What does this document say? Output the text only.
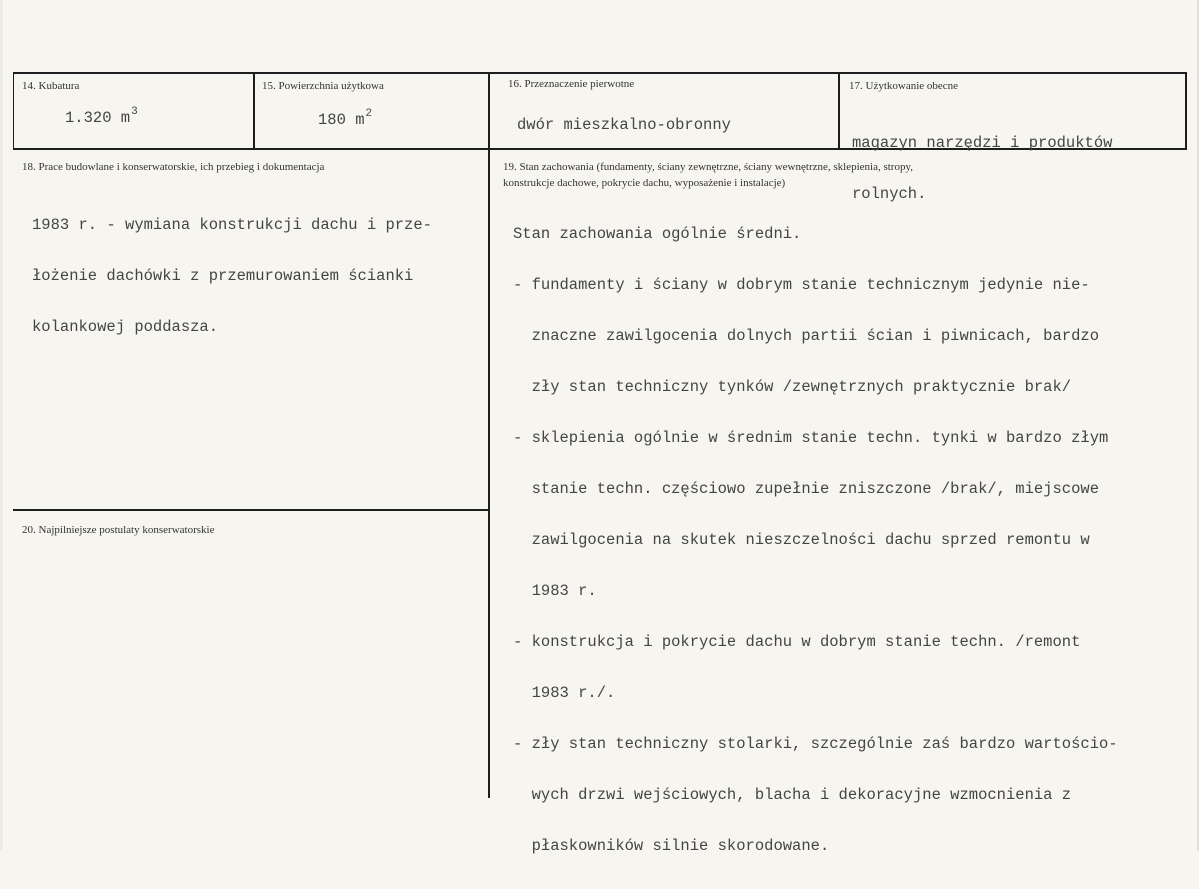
14. Kubatura
1.320 $m^3$
15. Powierzchnia użytkowa
180 $m^2$
16. Przeznaczenie pierwotne
dwór mieszkalno-obronny
17. Użytkowanie obecne

magazyn narzędzi i produktów

rolnych.

18. Prace budowlane i konserwatorskie, ich przebieg i dokumentacja

1983 r. - wymiana konstrukcji dachu i prze-

łożenie dachówki z przemurowaniem ścianki

kolankowej poddasza.

19. Stan zachowania (fundamenty, ściany zewnętrzne, ściany wewnętrzne, sklepienia, stropy,
konstrukcje dachowe, pokrycie dachu, wyposażenie i instalacje)

Stan zachowania ogólnie średni.

- fundamenty i ściany w dobrym stanie technicznym jedynie nie-

znaczne zawilgocenia dolnych partii ścian i piwnicach, bardzo

zły stan techniczny tynków /zewnętrznych praktycznie brak/

- sklepienia ogólnie w średnim stanie techn. tynki w bardzo złym

stanie techn. częściowo zupełnie zniszczone /brak/, miejscowe

zawilgocenia na skutek nieszczelności dachu sprzed remontu w

1983 r.

- konstrukcja i pokrycie dachu w dobrym stanie techn. /remont

1983 r./.

- zły stan techniczny stolarki, szczególnie zaś bardzo wartościo-

wych drzwi wejściowych, blacha i dekoracyjne wzmocnienia z

płaskowników silnie skorodowane.

20. Najpilniejsze postulaty konserwatorskie
